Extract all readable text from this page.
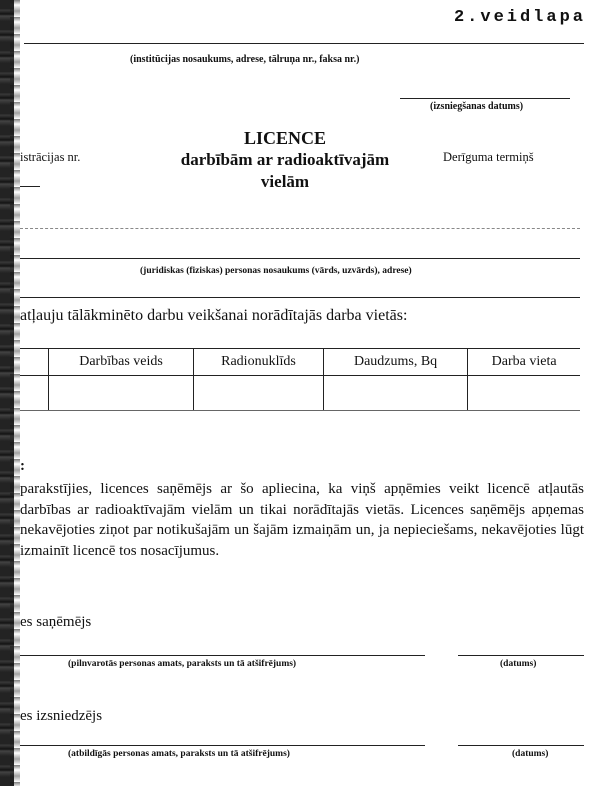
2.veidlapa
(institūcijas nosaukums, adrese, tālruņa nr., faksa nr.)
(izsniegšanas datums)
LICENCE
darbībām ar radioaktīvajām
vielām
istrācijas nr.	Derīguma termiņš
(juridiskas (fiziskas) personas nosaukums (vārds, uzvārds), adrese)
atļauju tālākminēto darbu veikšanai norādītajās darba vietās:
	Darbības veids	Radionuklīds	Daudzums, Bq	Darba vieta

:
parakstījies, licences saņēmējs ar šo apliecina, ka viņš apņēmies veikt licencē atļautās darbības ar radioaktīvajām vielām un tikai norādītajās vietās. Licences saņēmējs apņemas nekavējoties ziņot par notikušajām un šajām izmaiņām un, ja nepieciešams, nekavējoties lūgt izmainīt licencē tos nosacījumus.
es saņēmējs
(pilnvarotās personas amats, paraksts un tā atšifrējums)	(datums)
es izsniedzējs
(atbildīgās personas amats, paraksts un tā atšifrējums)	(datums)
